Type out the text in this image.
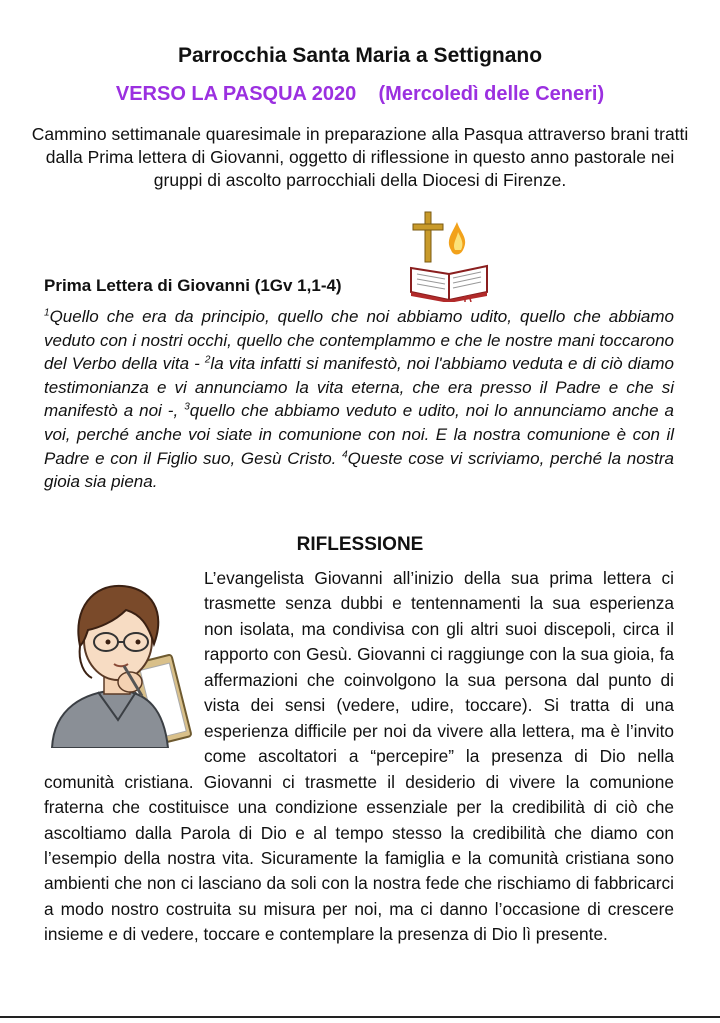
Parrocchia Santa Maria a Settignano
VERSO LA PASQUA 2020    (Mercoledì delle Ceneri)

Cammino settimanale quaresimale in preparazione alla Pasqua attraverso brani tratti dalla Prima lettera di Giovanni, oggetto di riflessione in questo anno pastorale nei gruppi di ascolto parrocchiali della Diocesi di Firenze.

Prima Lettera di Giovanni (1Gv 1,1-4)

$^1$Quello che era da principio, quello che noi abbiamo udito, quello che abbiamo veduto con i nostri occhi, quello che contemplammo e che le nostre mani toccarono del Verbo della vita - $^2$la vita infatti si manifestò, noi l'abbiamo veduta e di ciò diamo testimonianza e vi annunciamo la vita eterna, che era presso il Padre e che si manifestò a noi -, $^3$quello che abbiamo veduto e udito, noi lo annunciamo anche a voi, perché anche voi siate in comunione con noi. E la nostra comunione è con il Padre e con il Figlio suo, Gesù Cristo. $^4$Queste cose vi scriviamo, perché la nostra gioia sia piena.

RIFLESSIONE
L’evangelista Giovanni all’inizio della sua prima lettera ci trasmette senza dubbi e tentennamenti la sua esperienza non isolata, ma condivisa con gli altri suoi discepoli, circa il rapporto con Gesù. Giovanni ci raggiunge con la sua gioia, fa affermazioni che coinvolgono la sua persona dal punto di vista dei sensi (vedere, udire, toccare). Si tratta di una esperienza difficile per noi da vivere alla lettera, ma è l’invito come ascoltatori a “percepire” la presenza di Dio nella comunità cristiana. Giovanni ci trasmette il desiderio di vivere la comunione fraterna che costituisce una condizione essenziale per la credibilità di ciò che ascoltiamo dalla Parola di Dio e al tempo stesso la credibilità che diamo con l’esempio della nostra vita. Sicuramente la famiglia e la comunità cristiana sono ambienti che non ci lasciano da soli con la nostra fede che rischiamo di fabbricarci a modo nostro costruita su misura per noi, ma ci danno l’occasione di crescere insieme e di vedere, toccare e contemplare la presenza di Dio lì presente.
